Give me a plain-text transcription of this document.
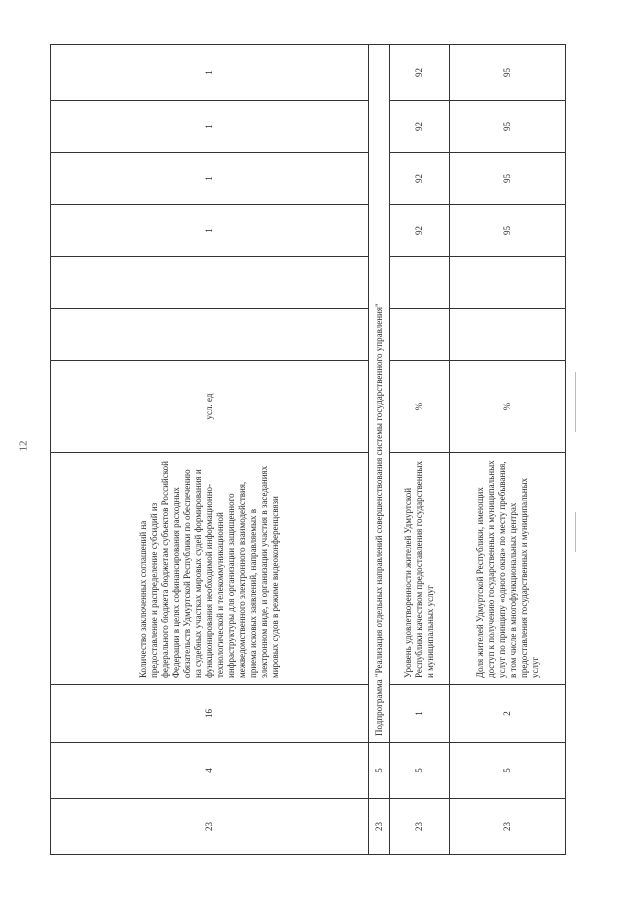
12
23	4	16	Количество заключенных соглашений на предоставление и распределение субсидий из федерального бюджета бюджетам субъектов Российской Федерации в целях софинансирования расходных обязательств Удмуртской Республики по обеспечению на судебных участках мировых судей формирования и функционирования необходимой информационно-технологической и телекоммуникационной инфраструктуры для организации защищенного межведомственного электронного взаимодействия, приема исковых заявлений, направляемых в электронном виде, и организации участия в заседаниях мировых судов в режиме видеоконференцсвязи	усл. ед			1	1	1	1
23	5	Подпрограмма "Реализация отдельных направлений совершенствования системы государственного управления"								
23	5	1	Уровень удовлетворенности жителей Удмуртской Республики качеством предоставления государственных и муниципальных услуг	%			92	92	92	92
23	5	2	Доля жителей Удмуртской Республики, имеющих доступ к получению государственных и муниципальных услуг по принципу «одного окна» по месту пребывания, в том числе в многофункциональных центрах предоставления государственных и муниципальных услуг	%			95	95	95	95
